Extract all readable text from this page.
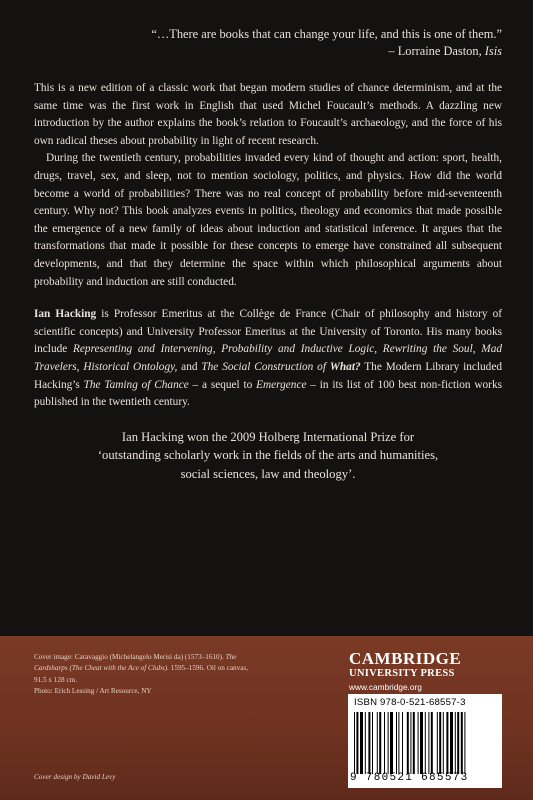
“…There are books that can change your life, and this is one of them.”
– Lorraine Daston, Isis

This is a new edition of a classic work that began modern studies of chance determinism, and at the same time was the first work in English that used Michel Foucault’s methods. A dazzling new introduction by the author explains the book’s relation to Foucault’s archaeology, and the force of his own radical theses about probability in light of recent research.

During the twentieth century, probabilities invaded every kind of thought and action: sport, health, drugs, travel, sex, and sleep, not to mention sociology, politics, and physics. How did the world become a world of probabilities? There was no real concept of probability before mid-seventeenth century. Why not? This book analyzes events in politics, theology and economics that made possible the emergence of a new family of ideas about induction and statistical inference. It argues that the transformations that made it possible for these concepts to emerge have constrained all subsequent developments, and that they determine the space within which philosophical arguments about probability and induction are still conducted.

Ian Hacking is Professor Emeritus at the Collège de France (Chair of philosophy and history of scientific concepts) and University Professor Emeritus at the University of Toronto. His many books include Representing and Intervening, Probability and Inductive Logic, Rewriting the Soul, Mad Travelers, Historical Ontology, and The Social Construction of What? The Modern Library included Hacking’s The Taming of Chance – a sequel to Emergence – in its list of 100 best non-fiction works published in the twentieth century.
Ian Hacking won the 2009 Holberg International Prize for
‘outstanding scholarly work in the fields of the arts and humanities,
social sciences, law and theology’.
Cover image: Caravaggio (Michelangelo Merisi da) (1573–1610). The Cardsharps (The Cheat with the Ace of Clubs). 1595–1596. Oil on canvas, 91.5 x 128 cm.
Photo: Erich Lessing / Art Resource, NY
Cover design by David Levy
CAMBRIDGE
UNIVERSITY PRESS
www.cambridge.org
ISBN 978-0-521-68557-3
9 780521 685573
